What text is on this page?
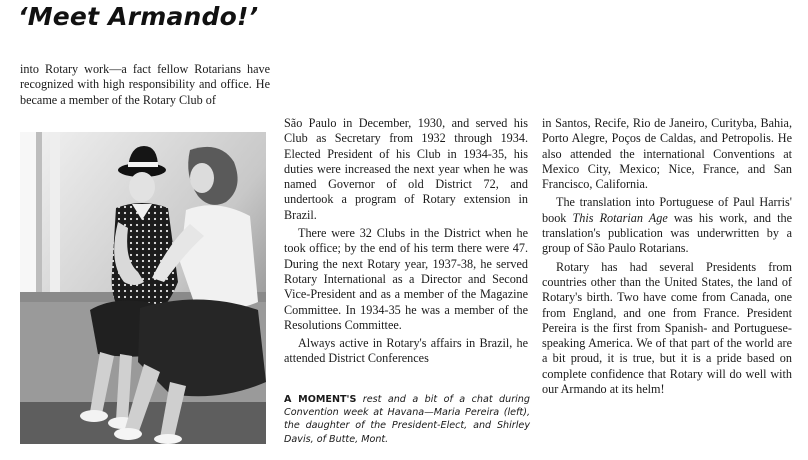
‘Meet Armando!’

into Rotary work—a fact fellow Rotarians have recognized with high responsibility and office. He became a member of the Rotary Club of

São Paulo in December, 1930, and served his Club as Secretary from 1932 through 1934. Elected President of his Club in 1934-35, his duties were increased the next year when he was named Governor of old District 72, and undertook a program of Rotary extension in Brazil.

There were 32 Clubs in the District when he took office; by the end of his term there were 47. During the next Rotary year, 1937-38, he served Rotary International as a Director and Second Vice-President and as a member of the Magazine Committee. In 1934-35 he was a member of the Resolutions Committee.

Always active in Rotary's affairs in Brazil, he attended District Conferences

A MOMENT'S rest and a bit of a chat during Convention week at Havana—Maria Pereira (left), the daughter of the President-Elect, and Shirley Davis, of Butte, Mont.

in Santos, Recife, Rio de Janeiro, Curityba, Bahia, Porto Alegre, Poços de Caldas, and Petropolis. He also attended the international Conventions at Mexico City, Mexico; Nice, France, and San Francisco, California.

The translation into Portuguese of Paul Harris' book This Rotarian Age was his work, and the translation's publication was underwritten by a group of São Paulo Rotarians.

Rotary has had several Presidents from countries other than the United States, the land of Rotary's birth. Two have come from Canada, one from England, and one from France. President Pereira is the first from Spanish- and Portuguese-speaking America. We of that part of the world are a bit proud, it is true, but it is a pride based on complete confidence that Rotary will do well with our Armando at its helm!
